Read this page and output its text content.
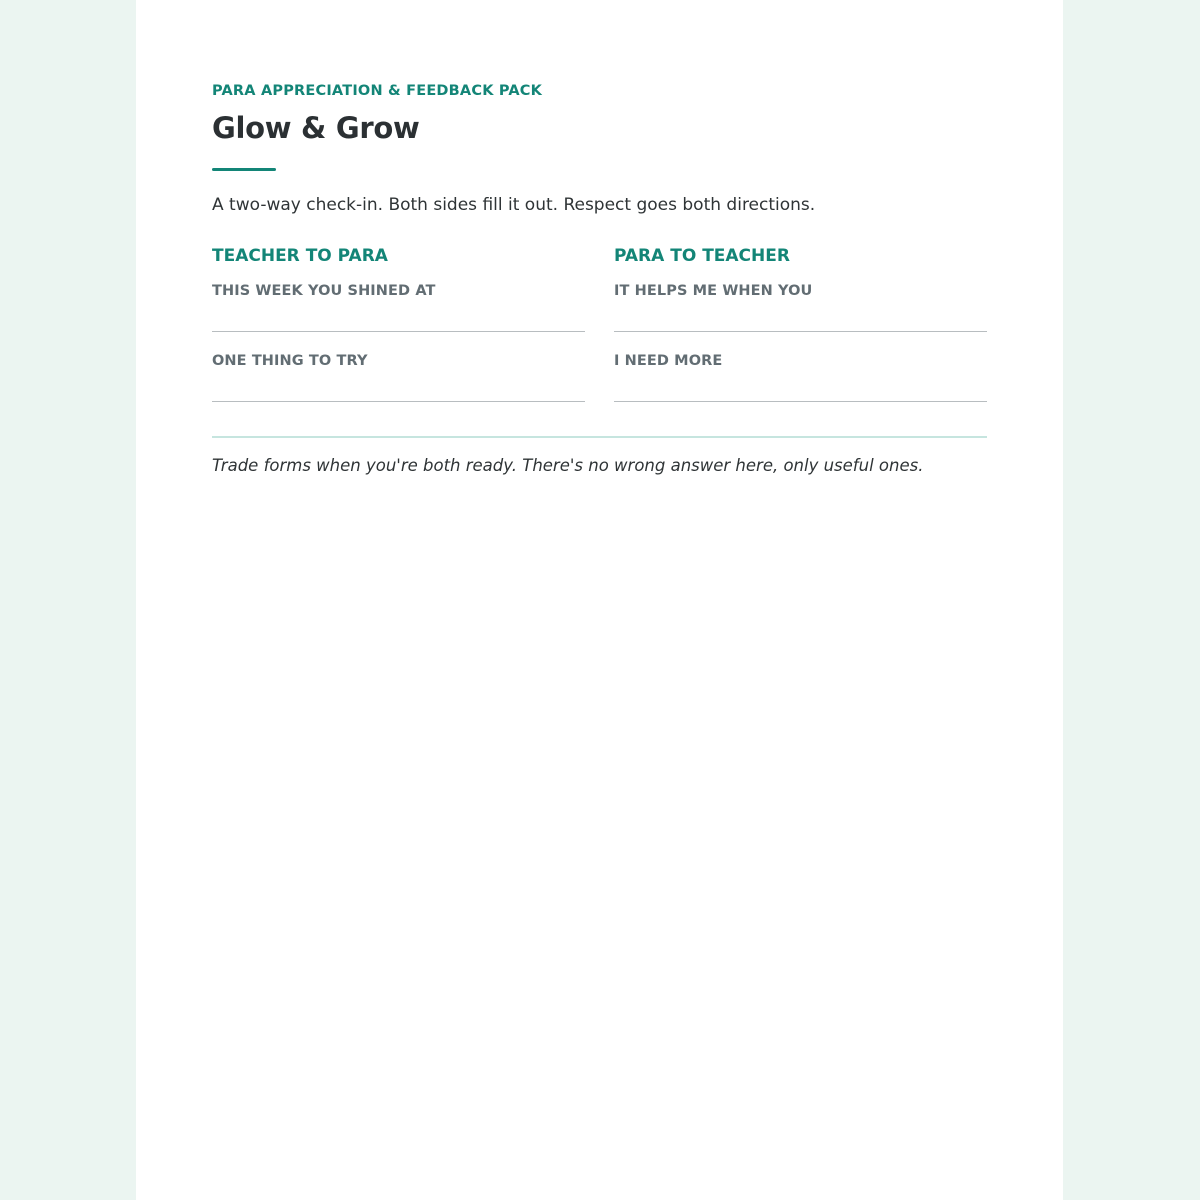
PARA APPRECIATION & FEEDBACK PACK
Glow & Grow
A two-way check-in. Both sides fill it out. Respect goes both directions.
TEACHER TO PARA
THIS WEEK YOU SHINED AT
ONE THING TO TRY
PARA TO TEACHER
IT HELPS ME WHEN YOU
I NEED MORE
Trade forms when you're both ready. There's no wrong answer here, only useful ones.
